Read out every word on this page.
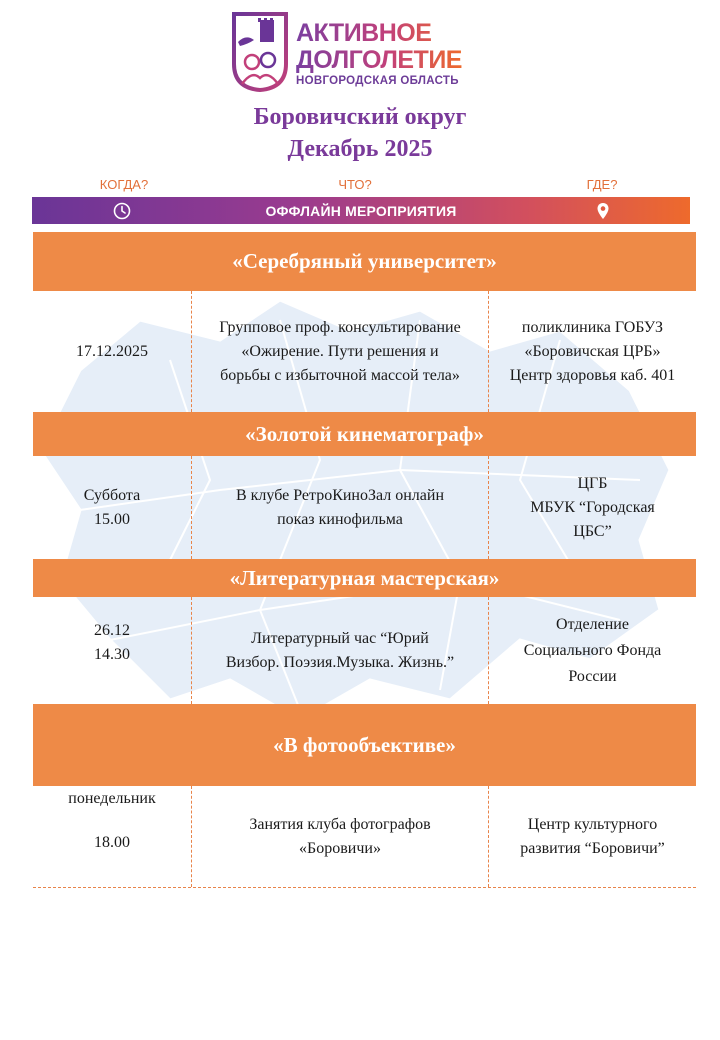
АКТИВНОЕ
ДОЛГОЛЕТИЕ
НОВГОРОДСКАЯ ОБЛАСТЬ
Боровичский округ
Декабрь 2025
КОГДА?	ЧТО?	ГДЕ?
ОФФЛАЙН МЕРОПРИЯТИЯ
«Серебряный университет»
17.12.2025
Групповое проф. консультирование
«Ожирение. Пути решения и
борьбы с избыточной массой тела»
поликлиника ГОБУЗ
«Боровичская ЦРБ»
Центр здоровья каб. 401
«Золотой кинематограф»
Суббота
15.00
В клубе РетроКиноЗал онлайн
показ кинофильма
ЦГБ
МБУК “Городская
ЦБС”
«Литературная мастерская»
26.12
14.30
Литературный час “Юрий
Визбор. Поэзия.Музыка. Жизнь.”
Отделение
Социального Фонда
России
«В фотообъективе»
понедельник

18.00
Занятия клуба фотографов
«Боровичи»
Центр культурного
развития “Боровичи”
